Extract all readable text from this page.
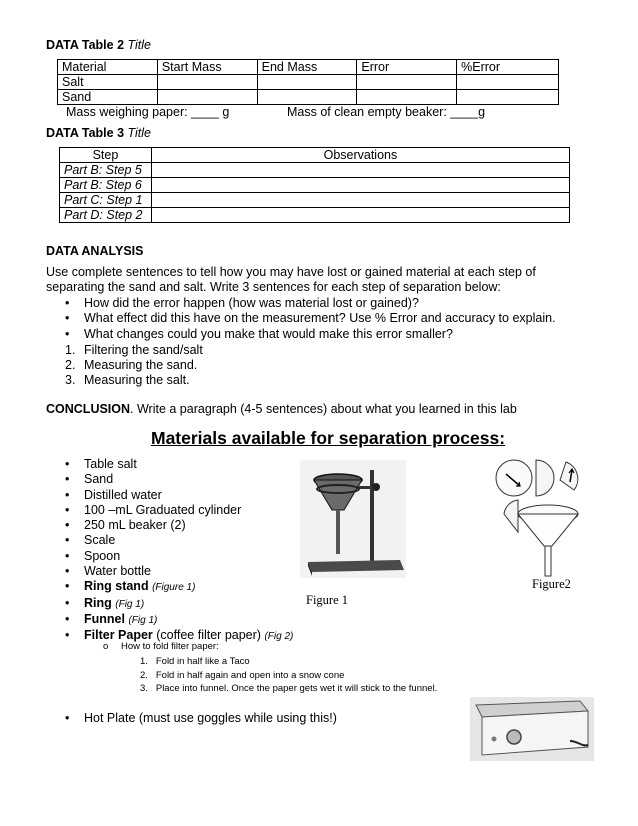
DATA Table 2 Title
Material	Start Mass	End Mass	Error	%Error
Salt				
Sand				
Mass weighing paper: ____ g	Mass of clean empty beaker: ____g
DATA Table 3 Title
Step	Observations
Part B: Step 5	
Part B: Step 6	
Part C: Step 1	
Part D: Step 2	
DATA ANALYSIS
Use complete sentences to tell how you may have lost or gained material at each step of
separating the sand and salt. Write 3 sentences for each step of separation below:
• How did the error happen (how was material lost or gained)?
• What effect did this have on the measurement? Use % Error and accuracy to explain.
• What changes could you make that would make this error smaller?
1. Filtering the sand/salt
2. Measuring the sand.
3. Measuring the salt.
CONCLUSION. Write a paragraph (4-5 sentences) about what you learned in this lab
Materials available for separation process:
• Table salt
• Sand
• Distilled water
• 100 –mL Graduated cylinder
• 250 mL beaker (2)
• Scale
• Spoon
• Water bottle
• Ring stand (Figure 1)
• Ring (Fig 1)
• Funnel (Fig 1)
• Filter Paper (coffee filter paper) (Fig 2)
o How to fold filter paper:
1. Fold in half like a Taco
2. Fold in half again and open into a snow cone
3. Place into funnel. Once the paper gets wet it will stick to the funnel.
• Hot Plate (must use goggles while using this!)
Figure 1
Figure2
